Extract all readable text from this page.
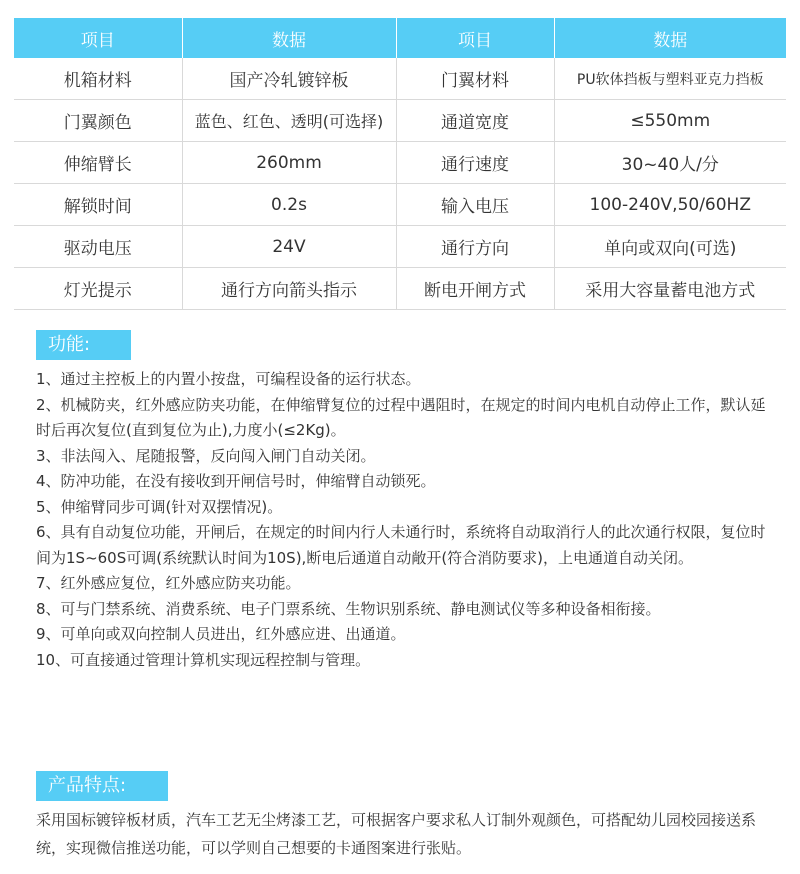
项目	数据	项目	数据
机箱材料	国产冷轧镀锌板	门翼材料	PU软体挡板与塑料亚克力挡板
门翼颜色	蓝色、红色、透明(可选择)	通道宽度	≤550mm
伸缩臂长	260mm	通行速度	30~40人/分
解锁时间	0.2s	输入电压	100-240V,50/60HZ
驱动电压	24V	通行方向	单向或双向(可选)
灯光提示	通行方向箭头指示	断电开闸方式	采用大容量蓄电池方式
功能:
1、通过主控板上的内置小按盘，可编程设备的运行状态。
2、机械防夹，红外感应防夹功能，在伸缩臂复位的过程中遇阻时，在规定的时间内电机自动停止工作，默认延时后再次复位(直到复位为止),力度小(≤2Kg)。
3、非法闯入、尾随报警，反向闯入闸门自动关闭。
4、防冲功能，在没有接收到开闸信号时，伸缩臂自动锁死。
5、伸缩臂同步可调(针对双摆情况)。
6、具有自动复位功能，开闸后，在规定的时间内行人未通行时，系统将自动取消行人的此次通行权限，复位时间为1S~60S可调(系统默认时间为10S),断电后通道自动敞开(符合消防要求)，上电通道自动关闭。
7、红外感应复位，红外感应防夹功能。
8、可与门禁系统、消费系统、电子门票系统、生物识别系统、静电测试仪等多种设备相衔接。
9、可单向或双向控制人员进出，红外感应进、出通道。
10、可直接通过管理计算机实现远程控制与管理。
产品特点:

采用国标镀锌板材质，汽车工艺无尘烤漆工艺，可根据客户要求私人订制外观颜色，可搭配幼儿园校园接送系统，实现微信推送功能，可以学则自己想要的卡通图案进行张贴。
